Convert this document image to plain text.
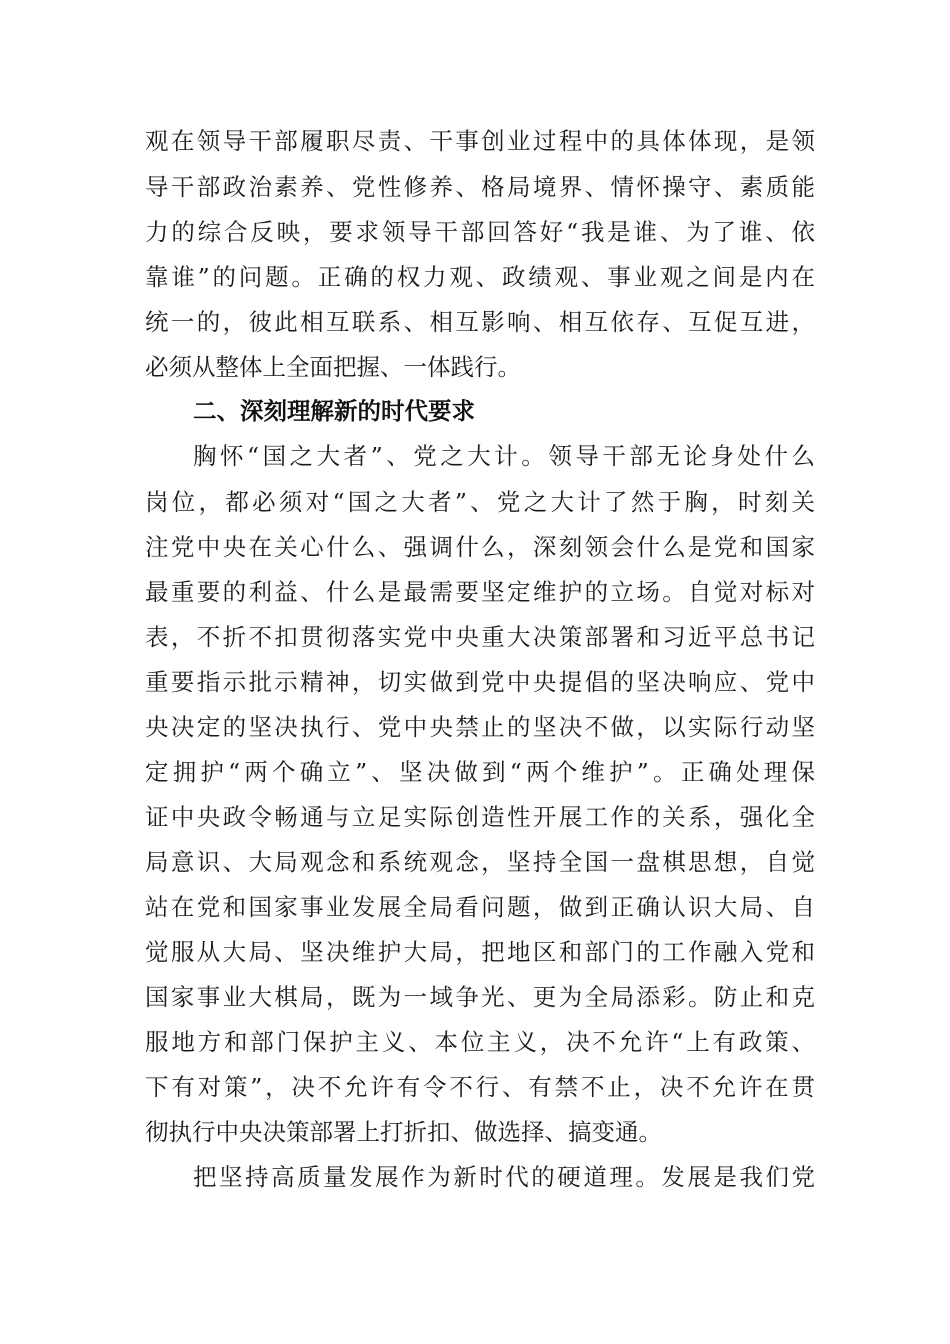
观在领导干部履职尽责、干事创业过程中的具体体现，是领
导干部政治素养、党性修养、格局境界、情怀操守、素质能
力的综合反映，要求领导干部回答好“我是谁、为了谁、依
靠谁”的问题。正确的权力观、政绩观、事业观之间是内在
统一的，彼此相互联系、相互影响、相互依存、互促互进，
必须从整体上全面把握、一体践行。
二、深刻理解新的时代要求
胸怀“国之大者”、党之大计。领导干部无论身处什么
岗位，都必须对“国之大者”、党之大计了然于胸，时刻关
注党中央在关心什么、强调什么，深刻领会什么是党和国家
最重要的利益、什么是最需要坚定维护的立场。自觉对标对
表，不折不扣贯彻落实党中央重大决策部署和习近平总书记
重要指示批示精神，切实做到党中央提倡的坚决响应、党中
央决定的坚决执行、党中央禁止的坚决不做，以实际行动坚
定拥护“两个确立”、坚决做到“两个维护”。正确处理保
证中央政令畅通与立足实际创造性开展工作的关系，强化全
局意识、大局观念和系统观念，坚持全国一盘棋思想，自觉
站在党和国家事业发展全局看问题，做到正确认识大局、自
觉服从大局、坚决维护大局，把地区和部门的工作融入党和
国家事业大棋局，既为一域争光、更为全局添彩。防止和克
服地方和部门保护主义、本位主义，决不允许“上有政策、
下有对策”，决不允许有令不行、有禁不止，决不允许在贯
彻执行中央决策部署上打折扣、做选择、搞变通。
把坚持高质量发展作为新时代的硬道理。发展是我们党
